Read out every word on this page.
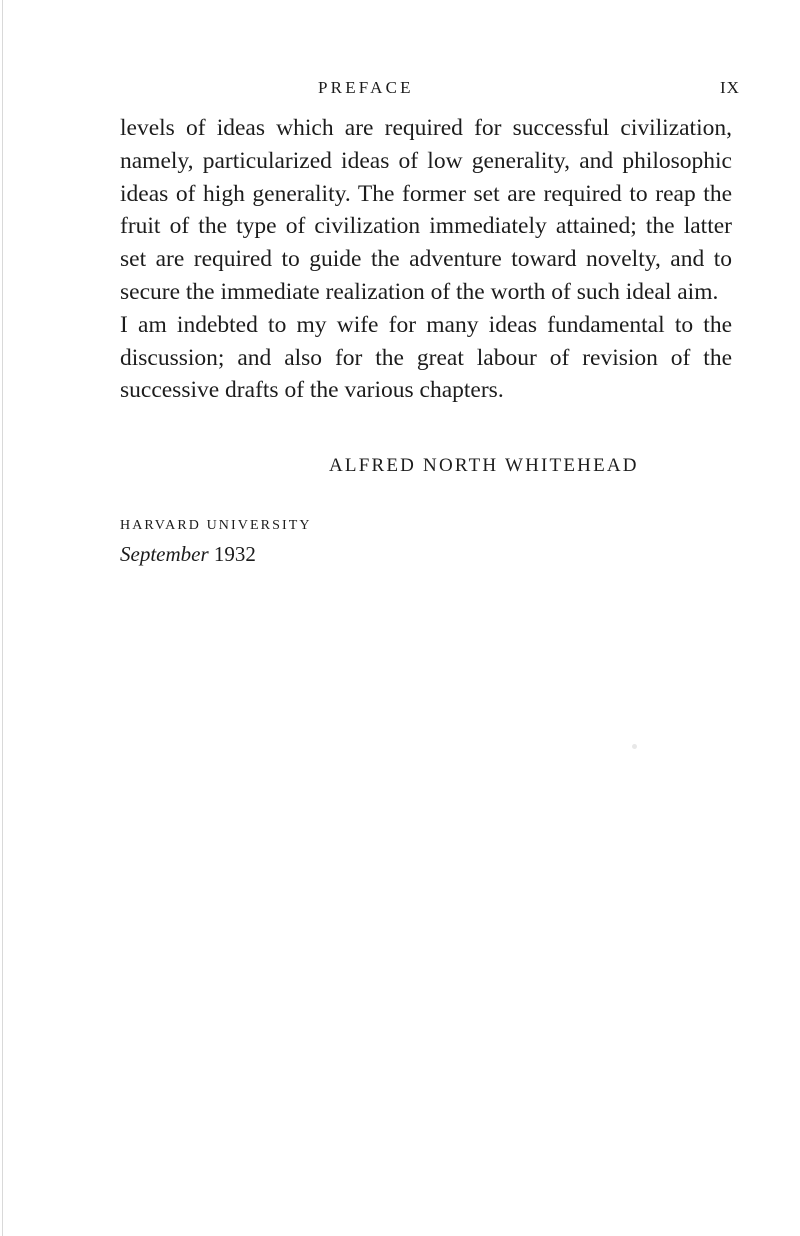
PREFACE	IX

levels of ideas which are required for successful civilization, namely, particularized ideas of low generality, and philosophic ideas of high generality. The former set are required to reap the fruit of the type of civilization immediately attained; the latter set are required to guide the adventure toward novelty, and to secure the immediate realization of the worth of such ideal aim.

I am indebted to my wife for many ideas fundamental to the discussion; and also for the great labour of revision of the successive drafts of the various chapters.

ALFRED NORTH WHITEHEAD
HARVARD UNIVERSITY
September 1932
